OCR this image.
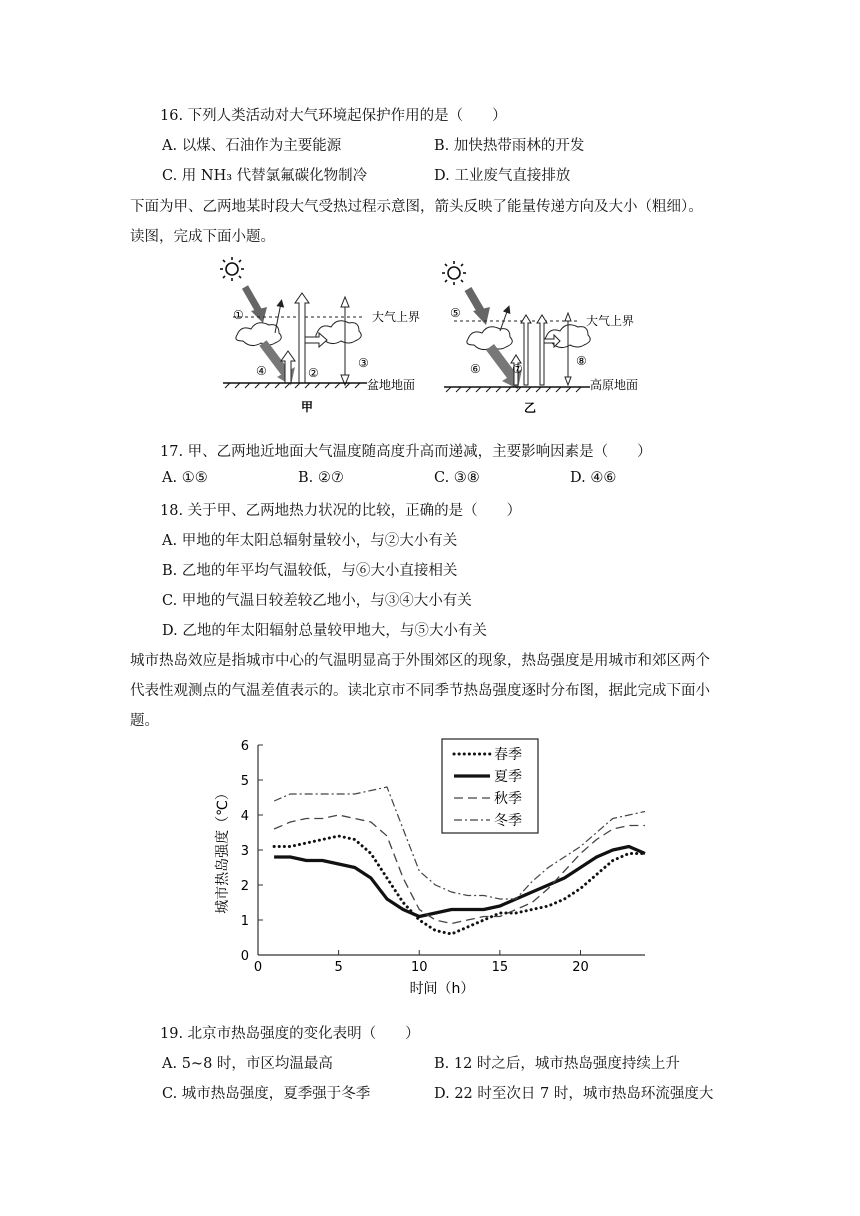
16. 下列人类活动对大气环境起保护作用的是（　　）
A. 以煤、石油作为主要能源	B. 加快热带雨林的开发
C. 用 NH₃ 代替氯氟碳化物制冷	D. 工业废气直接排放
下面为甲、乙两地某时段大气受热过程示意图，箭头反映了能量传递方向及大小（粗细）。
读图，完成下面小题。
大气上界
①
④	②
③
盆地地面
甲
大气上界
⑤
⑥	⑦
⑧
高原地面
乙
17. 甲、乙两地近地面大气温度随高度升高而递减，主要影响因素是（　　）
A. ①⑤	B. ②⑦	C. ③⑧	D. ④⑥
18. 关于甲、乙两地热力状况的比较，正确的是（　　）
A. 甲地的年太阳总辐射量较小，与②大小有关
B. 乙地的年平均气温较低，与⑥大小直接相关
C. 甲地的气温日较差较乙地小，与③④大小有关
D. 乙地的年太阳辐射总量较甲地大，与⑤大小有关
城市热岛效应是指城市中心的气温明显高于外围郊区的现象，热岛强度是用城市和郊区两个
代表性观测点的气温差值表示的。读北京市不同季节热岛强度逐时分布图，据此完成下面小
题。
0
1
2
3
4
5
6
0	5	10	15	20
春季
夏季
秋季
冬季
城市热岛强度（℃）
时间（h）
19. 北京市热岛强度的变化表明（　　）
A. 5~8 时，市区均温最高	B. 12 时之后，城市热岛强度持续上升
C. 城市热岛强度，夏季强于冬季	D. 22 时至次日 7 时，城市热岛环流强度大
